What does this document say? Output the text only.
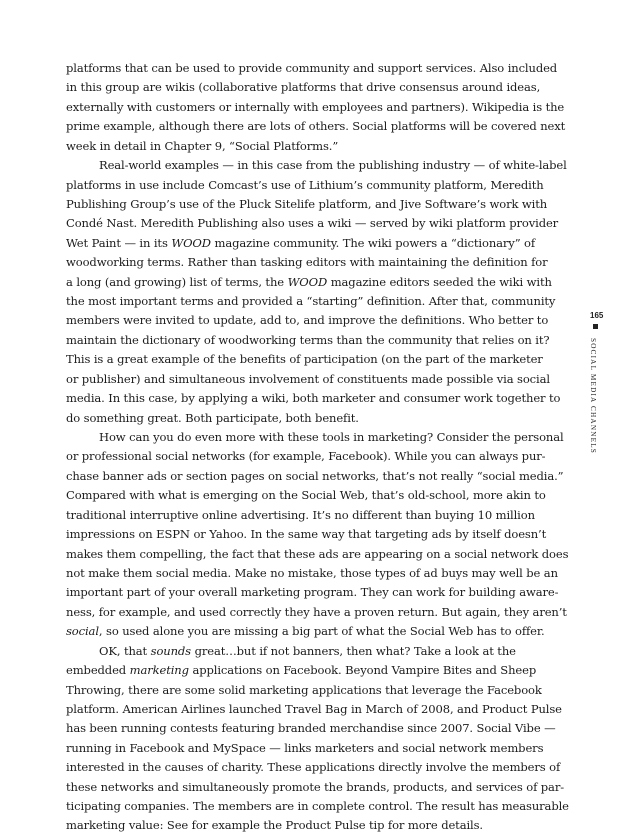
platforms that can be used to provide community and support services. Also included
in this group are wikis (collaborative platforms that drive consensus around ideas,
externally with customers or internally with employees and partners). Wikipedia is the
prime example, although there are lots of others. Social platforms will be covered next
week in detail in Chapter 9, “Social Platforms.”
Real-world examples — in this case from the publishing industry — of white-label
platforms in use include Comcast’s use of Lithium’s community platform, Meredith
Publishing Group’s use of the Pluck Sitelife platform, and Jive Software’s work with
Condé Nast. Meredith Publishing also uses a wiki — served by wiki platform provider
Wet Paint — in its WOOD magazine community. The wiki powers a “dictionary” of
woodworking terms. Rather than tasking editors with maintaining the definition for
a long (and growing) list of terms, the WOOD magazine editors seeded the wiki with
the most important terms and provided a “starting” definition. After that, community
members were invited to update, add to, and improve the definitions. Who better to
maintain the dictionary of woodworking terms than the community that relies on it?
This is a great example of the benefits of participation (on the part of the marketer
or publisher) and simultaneous involvement of constituents made possible via social
media. In this case, by applying a wiki, both marketer and consumer work together to
do something great. Both participate, both benefit.
How can you do even more with these tools in marketing? Consider the personal
or professional social networks (for example, Facebook). While you can always pur-
chase banner ads or section pages on social networks, that’s not really “social media.”
Compared with what is emerging on the Social Web, that’s old-school, more akin to
traditional interruptive online advertising. It’s no different than buying 10 million
impressions on ESPN or Yahoo. In the same way that targeting ads by itself doesn’t
makes them compelling, the fact that these ads are appearing on a social network does
not make them social media. Make no mistake, those types of ad buys may well be an
important part of your overall marketing program. They can work for building aware-
ness, for example, and used correctly they have a proven return. But again, they aren’t
social, so used alone you are missing a big part of what the Social Web has to offer.
OK, that sounds great…but if not banners, then what? Take a look at the
embedded marketing applications on Facebook. Beyond Vampire Bites and Sheep
Throwing, there are some solid marketing applications that leverage the Facebook
platform. American Airlines launched Travel Bag in March of 2008, and Product Pulse
has been running contests featuring branded merchandise since 2007. Social Vibe —
running in Facebook and MySpace — links marketers and social network members
interested in the causes of charity. These applications directly involve the members of
these networks and simultaneously promote the brands, products, and services of par-
ticipating companies. The members are in complete control. The result has measurable
marketing value: See for example the Product Pulse tip for more details.
165
SOCIAL MEDIA CHANNELS
